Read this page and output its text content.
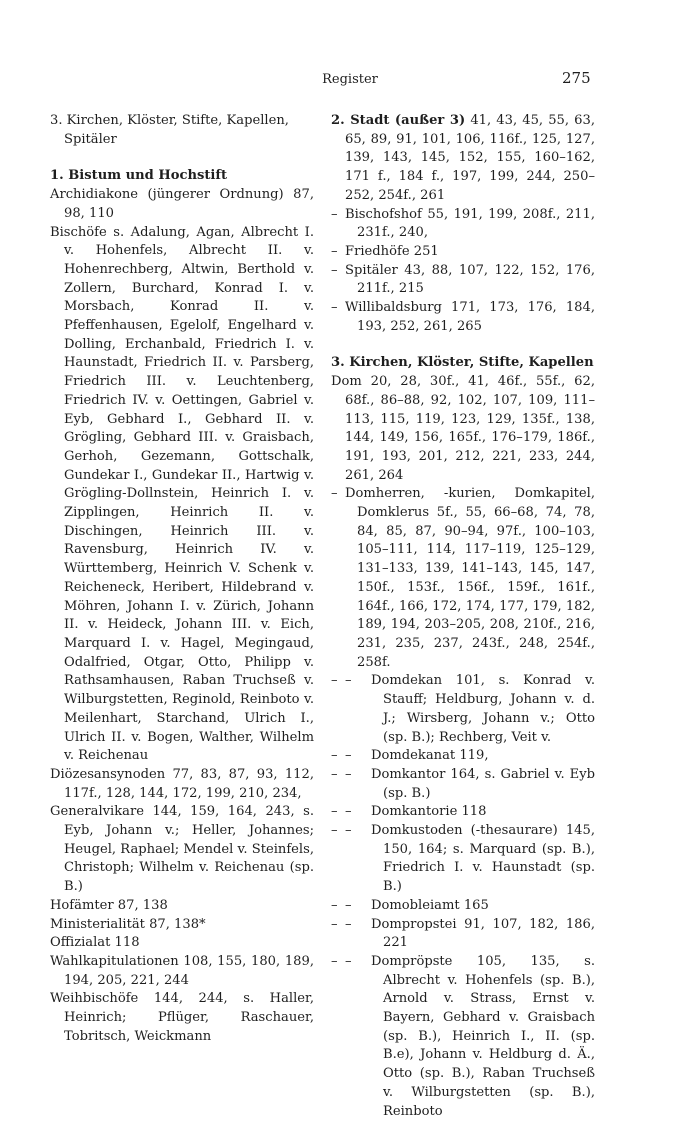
Register	275
3. Kirchen, Klöster, Stifte, Kapellen, Spitäler
1. Bistum und Hochstift
Archidiakone (jüngerer Ordnung) 87, 98, 110
Bischöfe s. Adalung, Agan, Albrecht I. v. Hohenfels, Albrecht II. v. Hohenrechberg, Altwin, Berthold v. Zollern, Burchard, Konrad I. v. Morsbach, Konrad II. v. Pfeffenhausen, Egelolf, Engelhard v. Dolling, Erchanbald, Friedrich I. v. Haunstadt, Friedrich II. v. Parsberg, Friedrich III. v. Leuchtenberg, Friedrich IV. v. Oettingen, Gabriel v. Eyb, Gebhard I., Gebhard II. v. Grögling, Gebhard III. v. Graisbach, Gerhoh, Gezemann, Gottschalk, Gundekar I., Gundekar II., Hartwig v. Grögling-Dollnstein, Heinrich I. v. Zipplingen, Heinrich II. v. Dischingen, Heinrich III. v. Ravensburg, Heinrich IV. v. Württemberg, Heinrich V. Schenk v. Reicheneck, Heribert, Hildebrand v. Möhren, Johann I. v. Zürich, Johann II. v. Heideck, Johann III. v. Eich, Marquard I. v. Hagel, Megingaud, Odalfried, Otgar, Otto, Philipp v. Rathsamhausen, Raban Truchseß v. Wilburgstetten, Reginold, Reinboto v. Meilenhart, Starchand, Ulrich I., Ulrich II. v. Bogen, Walther, Wilhelm v. Reichenau
Diözesansynoden 77, 83, 87, 93, 112, 117f., 128, 144, 172, 199, 210, 234,
Generalvikare 144, 159, 164, 243, s. Eyb, Johann v.; Heller, Johannes; Heugel, Raphael; Mendel v. Steinfels, Christoph; Wilhelm v. Reichenau (sp. B.)
Hofämter 87, 138
Ministerialität 87, 138*
Offizialat 118
Wahlkapitulationen 108, 155, 180, 189, 194, 205, 221, 244
Weihbischöfe 144, 244, s. Haller, Heinrich; Pflüger, Raschauer, Tobritsch, Weickmann
2. Stadt (außer 3) 41, 43, 45, 55, 63, 65, 89, 91, 101, 106, 116f., 125, 127, 139, 143, 145, 152, 155, 160–162, 171 f., 184 f., 197, 199, 244, 250–252, 254f., 261
– Bischofshof 55, 191, 199, 208f., 211, 231f., 240,
– Friedhöfe 251
– Spitäler 43, 88, 107, 122, 152, 176, 211f., 215
– Willibaldsburg 171, 173, 176, 184, 193, 252, 261, 265
3. Kirchen, Klöster, Stifte, Kapellen
Dom 20, 28, 30f., 41, 46f., 55f., 62, 68f., 86–88, 92, 102, 107, 109, 111–113, 115, 119, 123, 129, 135f., 138, 144, 149, 156, 165f., 176–179, 186f., 191, 193, 201, 212, 221, 233, 244, 261, 264
– Domherren, -kurien, Domkapitel, Domklerus 5f., 55, 66–68, 74, 78, 84, 85, 87, 90–94, 97f., 100–103, 105–111, 114, 117–119, 125–129, 131–133, 139, 141–143, 145, 147, 150f., 153f., 156f., 159f., 161f., 164f., 166, 172, 174, 177, 179, 182, 189, 194, 203–205, 208, 210f., 216, 231, 235, 237, 243f., 248, 254f., 258f.
– –	Domdekan 101, s. Konrad v. Stauff; Heldburg, Johann v. d. J.; Wirsberg, Johann v.; Otto (sp. B.); Rechberg, Veit v.
– –	Domdekanat 119,
– –	Domkantor 164, s. Gabriel v. Eyb (sp. B.)
– –	Domkantorie 118
– –	Domkustoden (-thesaurare) 145, 150, 164; s. Marquard (sp. B.), Friedrich I. v. Haunstadt (sp. B.)
– –	Domobleiamt 165
– –	Dompropstei 91, 107, 182, 186, 221
– –	Dompröpste 105, 135, s. Albrecht v. Hohenfels (sp. B.), Arnold v. Strass, Ernst v. Bayern, Gebhard v. Graisbach (sp. B.), Heinrich I., II. (sp. B.e), Johann v. Heldburg d. Ä., Otto (sp. B.), Raban Truchseß v. Wilburgstetten (sp. B.), Reinboto
